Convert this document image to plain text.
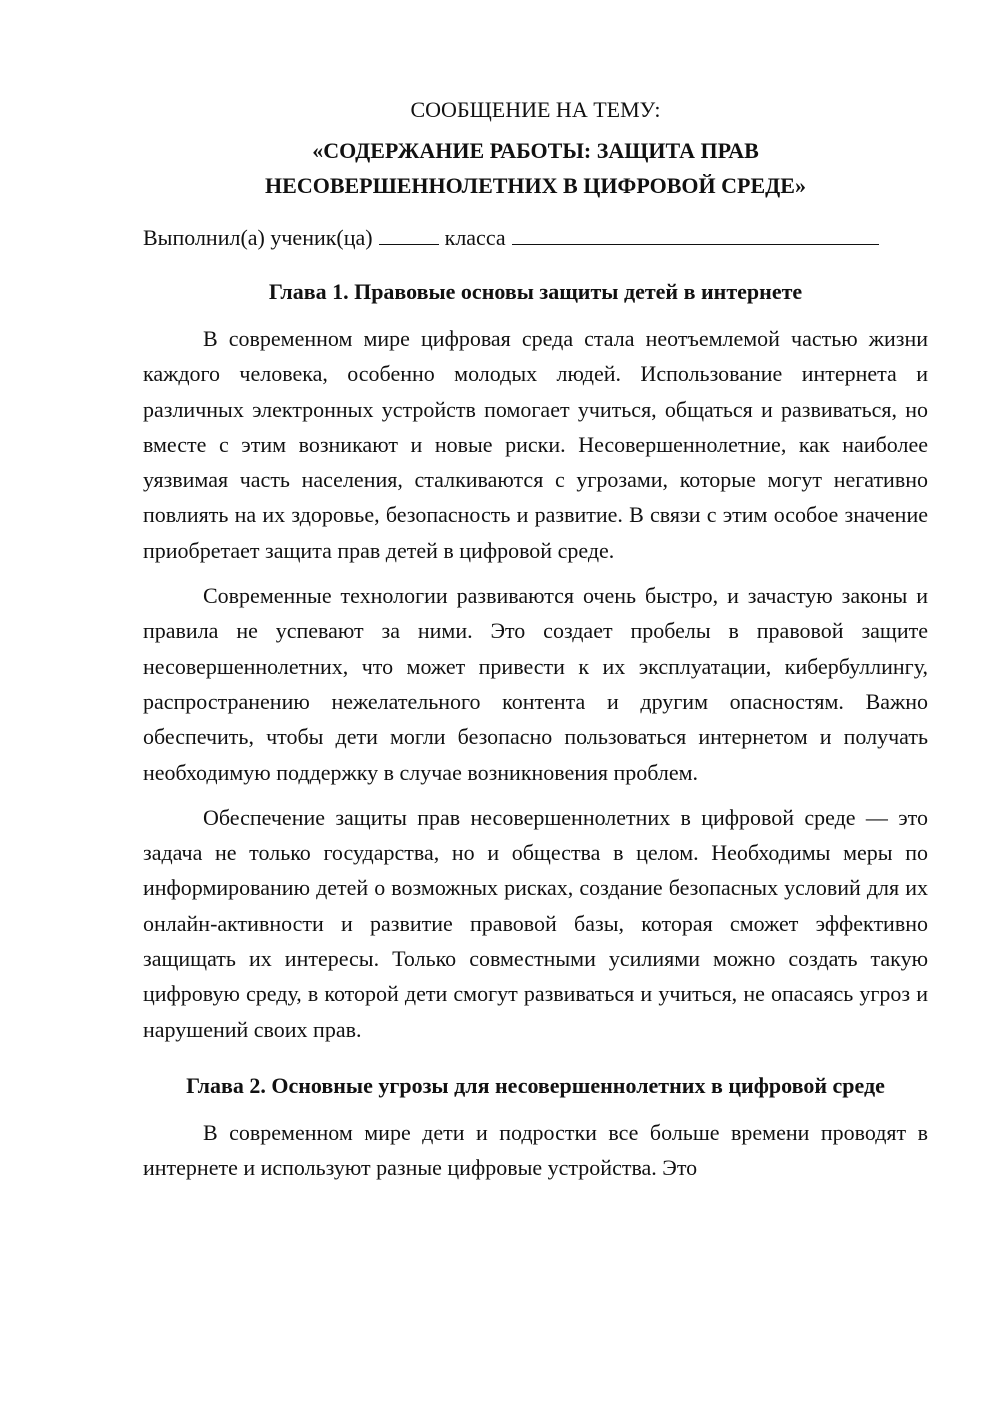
СООБЩЕНИЕ НА ТЕМУ:

«СОДЕРЖАНИЕ РАБОТЫ: ЗАЩИТА ПРАВ
НЕСОВЕРШЕННОЛЕТНИХ В ЦИФРОВОЙ СРЕДЕ»

Выполнил(а) ученик(ца)	класса

Глава 1. Правовые основы защиты детей в интернете

В современном мире цифровая среда стала неотъемлемой частью жизни каждого человека, особенно молодых людей. Использование интернета и различных электронных устройств помогает учиться, общаться и развиваться, но вместе с этим возникают и новые риски. Несовершеннолетние, как наиболее уязвимая часть населения, сталкиваются с угрозами, которые могут негативно повлиять на их здоровье, безопасность и развитие. В связи с этим особое значение приобретает защита прав детей в цифровой среде.

Современные технологии развиваются очень быстро, и зачастую законы и правила не успевают за ними. Это создает пробелы в правовой защите несовершеннолетних, что может привести к их эксплуатации, кибербуллингу, распространению нежелательного контента и другим опасностям. Важно обеспечить, чтобы дети могли безопасно пользоваться интернетом и получать необходимую поддержку в случае возникновения проблем.

Обеспечение защиты прав несовершеннолетних в цифровой среде — это задача не только государства, но и общества в целом. Необходимы меры по информированию детей о возможных рисках, создание безопасных условий для их онлайн-активности и развитие правовой базы, которая сможет эффективно защищать их интересы. Только совместными усилиями можно создать такую цифровую среду, в которой дети смогут развиваться и учиться, не опасаясь угроз и нарушений своих прав.

Глава 2. Основные угрозы для несовершеннолетних в цифровой среде

В современном мире дети и подростки все больше времени проводят в интернете и используют разные цифровые устройства. Это
